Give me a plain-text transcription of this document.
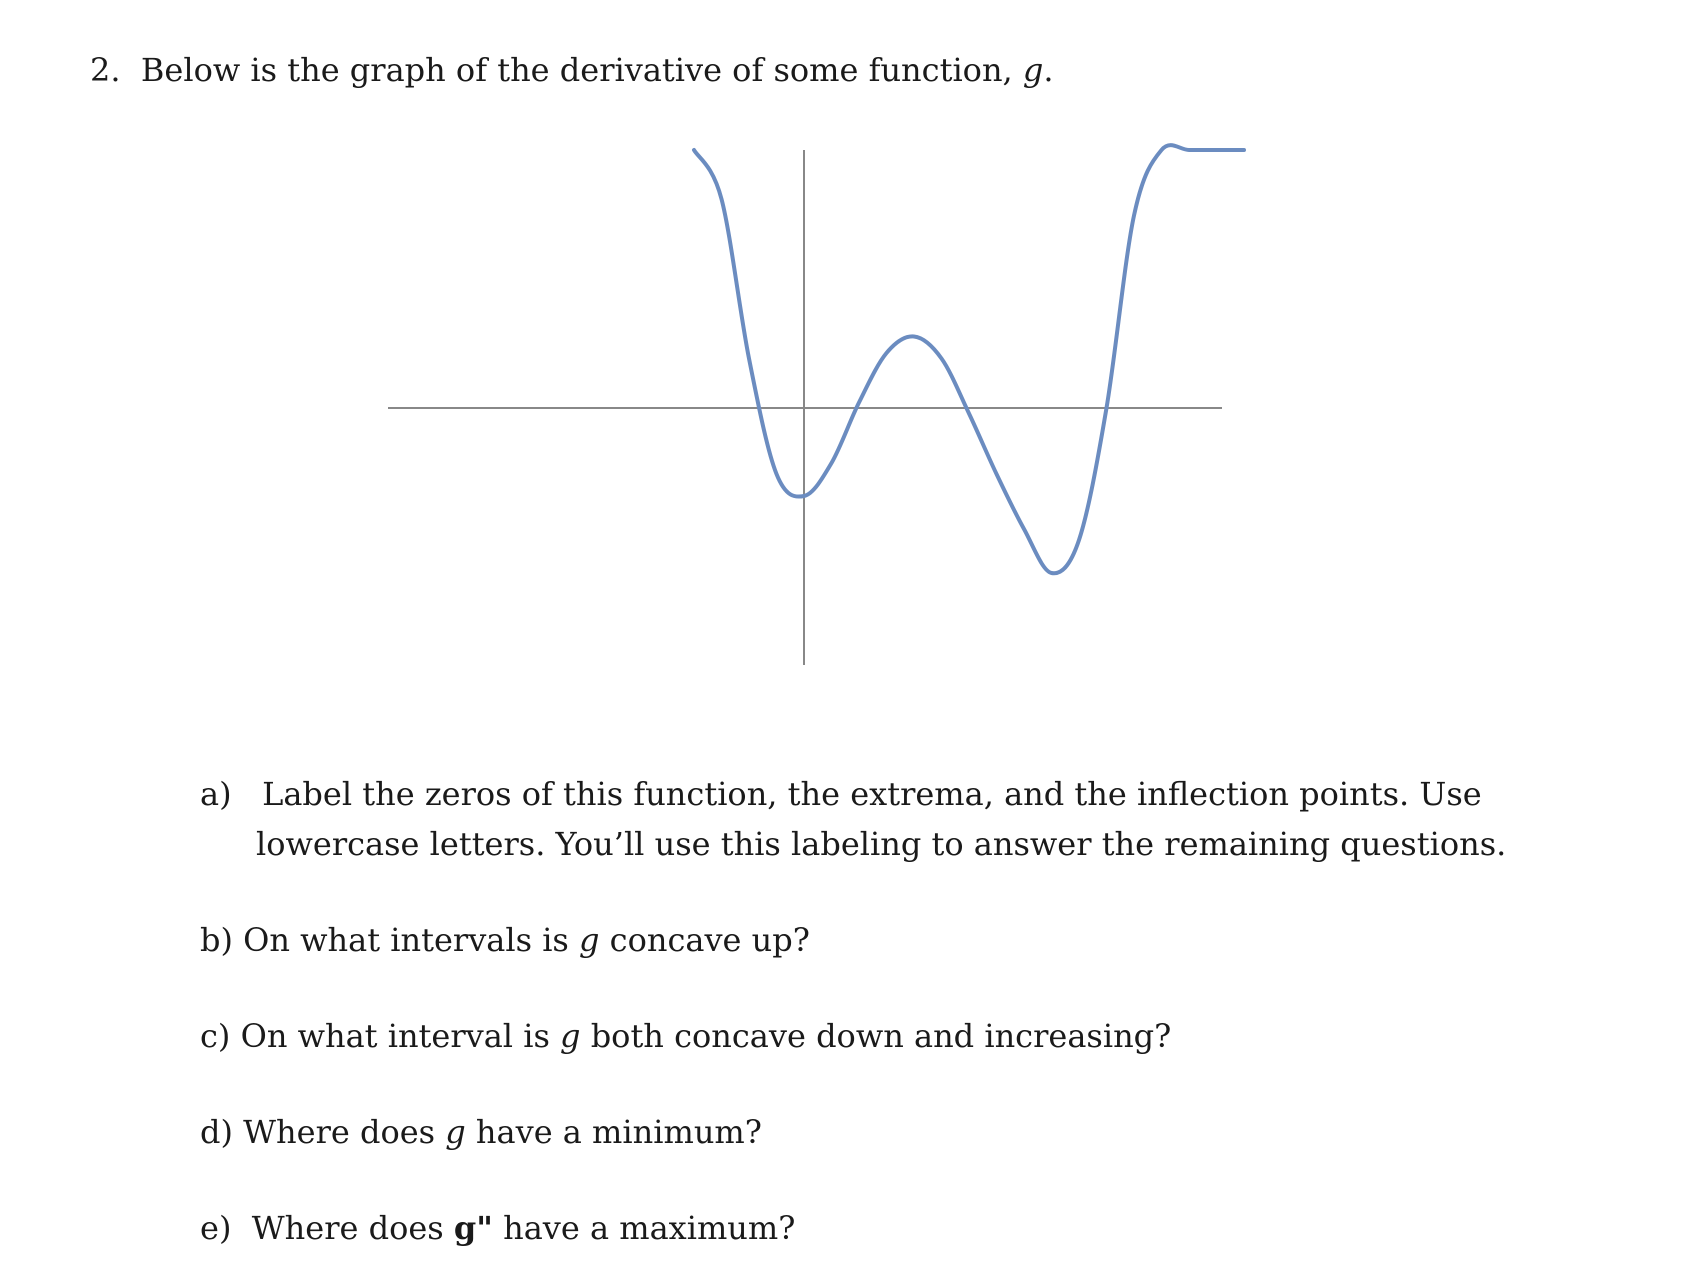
2. Below is the graph of the derivative of some function, g.
a) Label the zeros of this function, the extrema, and the inflection points. Use
lowercase letters. You’ll use this labeling to answer the remaining questions.
b) On what intervals is g concave up?
c) On what interval is g both concave down and increasing?
d) Where does g have a minimum?
e) Where does g" have a maximum?
